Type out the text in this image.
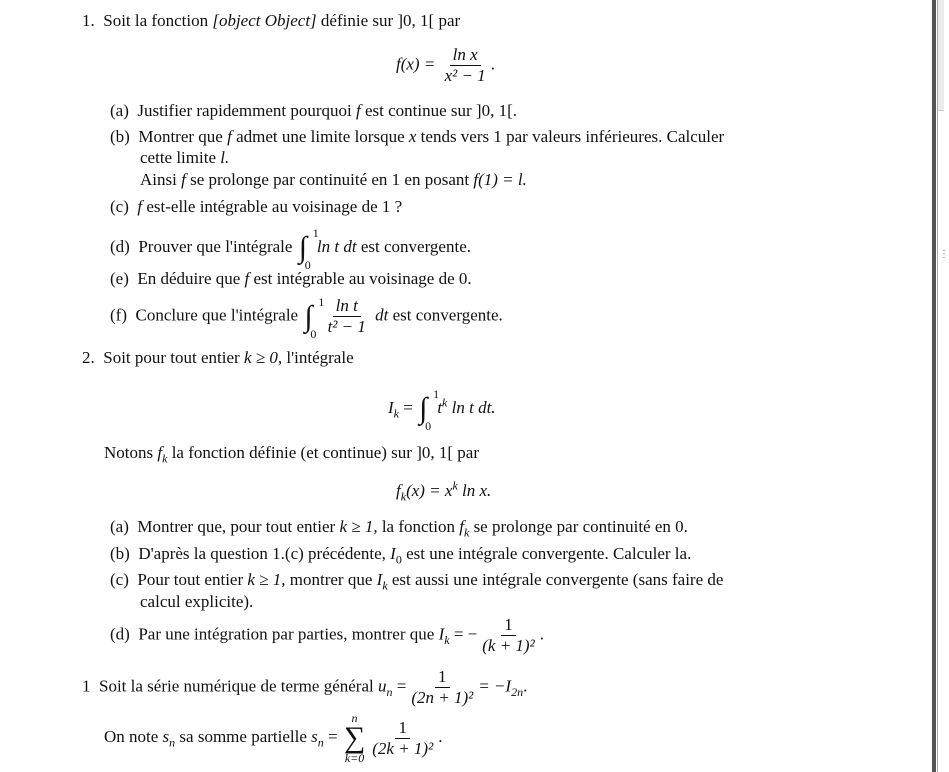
1. Soit la fonction [object Object] définie sur ]0, 1[ par
$f(x) = \frac{\text{ln x}}{\text{x² − 1}}$ .
(a) Justifier rapidemment pourquoi f est continue sur ]0, 1[.
(b) Montrer que f admet une limite lorsque x tends vers 1 par valeurs inférieures. Calculer
cette limite l.
Ainsi f se prolonge par continuité en 1 en posant f(1) = l.
(c) f est-elle intégrable au voisinage de 1 ?
(d) Prouver que l'intégrale ∫ 1
0
ln t dt est convergente.
(e) En déduire que f est intégrable au voisinage de 0.
(f) Conclure que l'intégrale ∫ 1
$0 \frac{\text{ln t}}{\text{t² − 1}}$ dt est convergente.
2. Soit pour tout entier k ≥ 0, l'intégrale
$I_k$ = ∫ 1
0
$t^k$ ln t dt.
Notons $f_k$ la fonction définie (et continue) sur ]0, 1[ par
$f_k(x) = x^k$ ln x.
(a) Montrer que, pour tout entier k ≥ 1, la fonction $f_k$ se prolonge par continuité en 0.
(b) D'après la question 1.(c) précédente, $I_0$ est une intégrale convergente. Calculer la.
(c) Pour tout entier k ≥ 1, montrer que $I_k$ est aussi une intégrale convergente (sans faire de
calcul explicite).
(d) Par une intégration par parties, montrer que $I_k$ = − $\frac{1}{\text{(k + 1)²}}$ .
1 Soit la série numérique de terme général $u_n = \frac{1}{\text{(2n + 1)²}} = -I_{2n}$.
On note $s_n$ sa somme partielle $s_n$ =
n
∑
k=0
$\frac{1}{\text{(2k + 1)²}}$ .
⋮
